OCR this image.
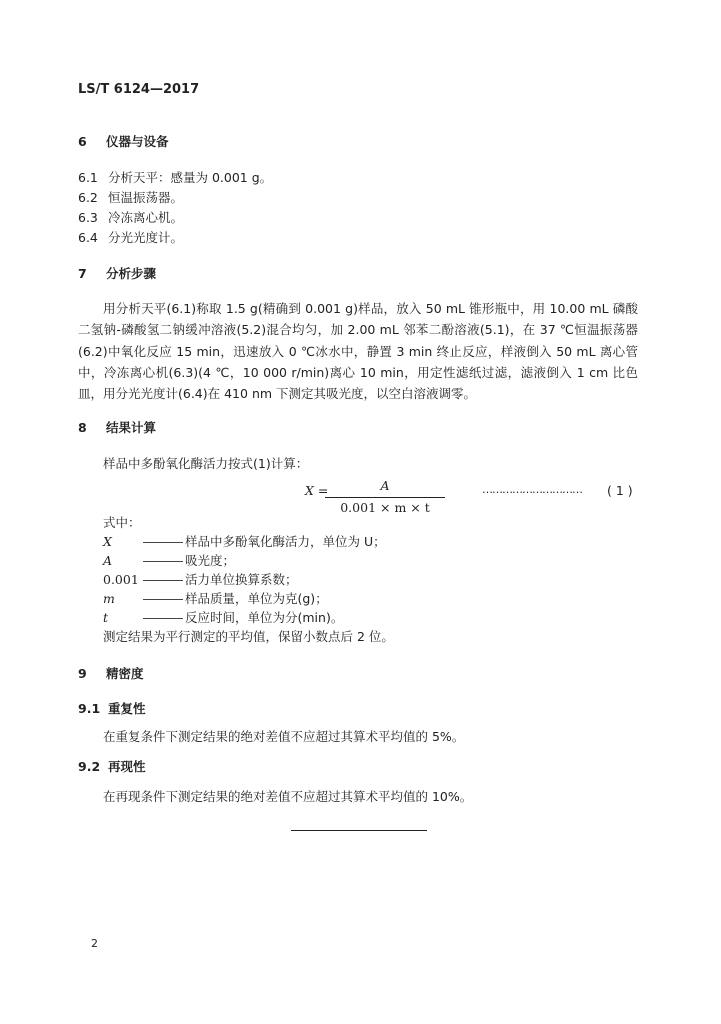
LS/T 6124—2017
6 仪器与设备
6.1 分析天平：感量为 0.001 g。
6.2 恒温振荡器。
6.3 冷冻离心机。
6.4 分光光度计。
7 分析步骤
用分析天平(6.1)称取 1.5 g(精确到 0.001 g)样品，放入 50 mL 锥形瓶中，用 10.00 mL 磷酸二氢钠-磷酸氢二钠缓冲溶液(5.2)混合均匀，加 2.00 mL 邻苯二酚溶液(5.1)，在 37 ℃恒温振荡器(6.2)中氧化反应 15 min，迅速放入 0 ℃冰水中，静置 3 min 终止反应，样液倒入 50 mL 离心管中，冷冻离心机(6.3)(4 ℃，10 000 r/min)离心 10 min，用定性滤纸过滤，滤液倒入 1 cm 比色皿，用分光光度计(6.4)在 410 nm 下测定其吸光度，以空白溶液调零。
8 结果计算
样品中多酚氧化酶活力按式(1)计算：
X =	A
0.001 × m × t
………………………… ( 1 )
式中：
X	样品中多酚氧化酶活力，单位为 U；
A	吸光度；
0.001	活力单位换算系数；
m	样品质量，单位为克(g)；
t	反应时间，单位为分(min)。
测定结果为平行测定的平均值，保留小数点后 2 位。
9 精密度
9.1 重复性
在重复条件下测定结果的绝对差值不应超过其算术平均值的 5%。
9.2 再现性
在再现条件下测定结果的绝对差值不应超过其算术平均值的 10%。
2
